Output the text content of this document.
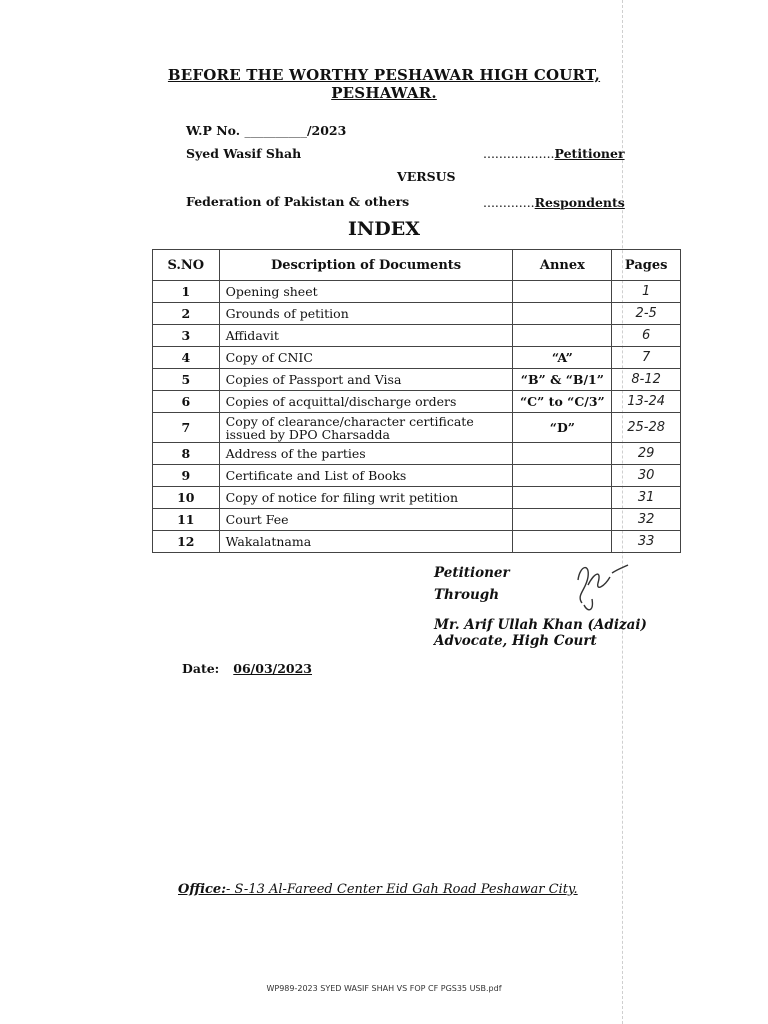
BEFORE THE WORTHY PESHAWAR HIGH COURT,
PESHAWAR.
W.P No. __________/2023
Syed Wasif Shah	..................Petitioner
VERSUS
Federation of Pakistan & others	.............Respondents
INDEX
S.NO	Description of Documents	Annex	Pages
1	Opening sheet		1
2	Grounds of petition		2-5
3	Affidavit		6
4	Copy of CNIC	“A”	7
5	Copies of Passport and Visa	“B” & “B/1”	8-12
6	Copies of acquittal/discharge orders	“C” to “C/3”	13-24
7	Copy of clearance/character certificate issued by DPO Charsadda	“D”	25-28
8	Address of the parties		29
9	Certificate and List of Books		30
10	Copy of notice for filing writ petition		31
11	Court Fee		32
12	Wakalatnama		33
Petitioner
Through
Mr. Arif Ullah Khan (Adizai)
Advocate, High Court
Date: 06/03/2023
Office:- S-13 Al-Fareed Center Eid Gah Road Peshawar City.
WP989-2023 SYED WASIF SHAH VS FOP CF PGS35 USB.pdf
